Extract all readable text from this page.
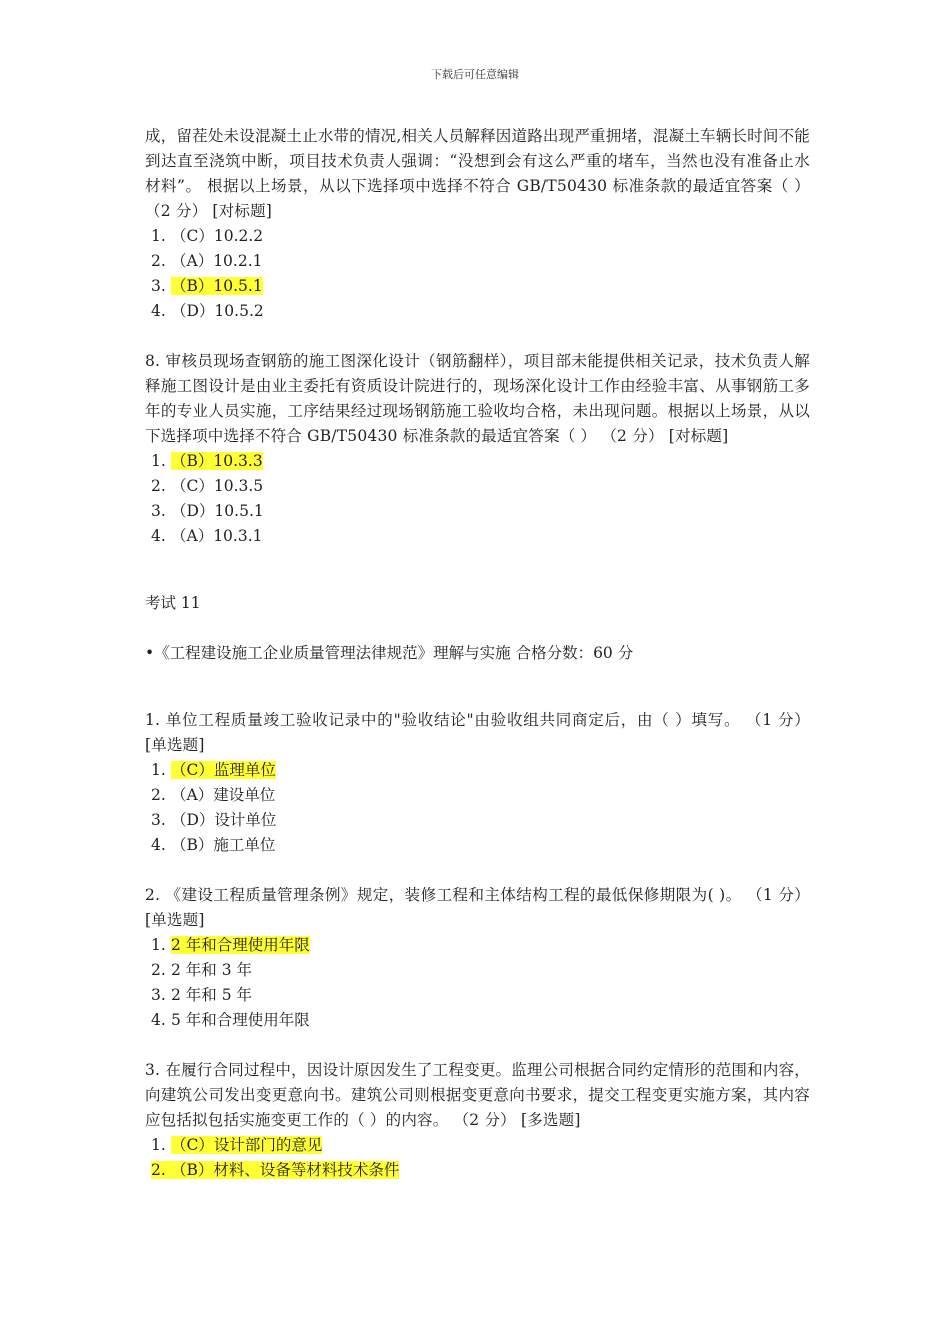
下载后可任意编辑

成，留茬处未设混凝土止水带的情况,相关人员解释因道路出现严重拥堵，混凝土车辆长时间不能到达直至浇筑中断，项目技术负责人强调：“没想到会有这么严重的堵车，当然也没有准备止水材料”。 根据以上场景，从以下选择项中选择不符合 GB/T50430 标准条款的最适宜答案（ ） （2 分） [对标题]

1. （C）10.2.2
2. （A）10.2.1
3. （B）10.5.1
4. （D）10.5.2

8. 审核员现场查钢筋的施工图深化设计（钢筋翻样），项目部未能提供相关记录，技术负责人解释施工图设计是由业主委托有资质设计院进行的，现场深化设计工作由经验丰富、从事钢筋工多年的专业人员实施，工序结果经过现场钢筋施工验收均合格，未出现问题。根据以上场景，从以下选择项中选择不符合 GB/T50430 标准条款的最适宜答案（ ） （2 分） [对标题]

1. （B）10.3.3
2. （C）10.3.5
3. （D）10.5.1
4. （A）10.3.1

考试 11

•《工程建设施工企业质量管理法律规范》理解与实施 合格分数：60 分

1. 单位工程质量竣工验收记录中的"验收结论"由验收组共同商定后，由（ ）填写。 （1 分） [单选题]

1. （C）监理单位
2. （A）建设单位
3. （D）设计单位
4. （B）施工单位

2. 《建设工程质量管理条例》规定，装修工程和主体结构工程的最低保修期限为( )。 （1 分） [单选题]

1. 2 年和合理使用年限
2. 2 年和 3 年
3. 2 年和 5 年
4. 5 年和合理使用年限

3. 在履行合同过程中，因设计原因发生了工程变更。监理公司根据合同约定情形的范围和内容，向建筑公司发出变更意向书。建筑公司则根据变更意向书要求，提交工程变更实施方案，其内容应包括拟包括实施变更工作的（ ）的内容。 （2 分） [多选题]

1. （C）设计部门的意见
2. （B）材料、设备等材料技术条件
